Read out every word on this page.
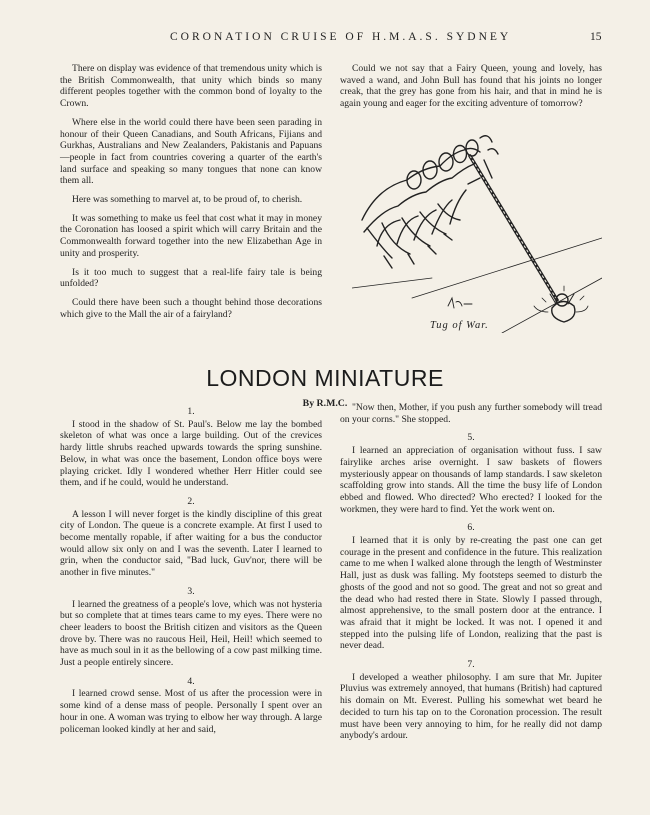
CORONATION CRUISE OF H.M.A.S. SYDNEY	15

There on display was evidence of that tremendous unity which is the British Commonwealth, that unity which binds so many different peoples together with the common bond of loyalty to the Crown.

Where else in the world could there have been seen parading in honour of their Queen Canadians, and South Africans, Fijians and Gurkhas, Australians and New Zealanders, Pakistanis and Papuans —people in fact from countries covering a quarter of the earth's land surface and speaking so many tongues that none can know them all.

Here was something to marvel at, to be proud of, to cherish.

It was something to make us feel that cost what it may in money the Coronation has loosed a spirit which will carry Britain and the Commonwealth forward together into the new Elizabethan Age in unity and prosperity.

Is it too much to suggest that a real-life fairy tale is being unfolded?

Could there have been such a thought behind those decorations which give to the Mall the air of a fairyland?

Could we not say that a Fairy Queen, young and lovely, has waved a wand, and John Bull has found that his joints no longer creak, that the grey has gone from his hair, and that in mind he is again young and eager for the exciting adventure of tomorrow?

Tug of War.
LONDON MINIATURE
By R.M.C.
1.

I stood in the shadow of St. Paul's. Below me lay the bombed skeleton of what was once a large building. Out of the crevices hardy little shrubs reached upwards towards the spring sunshine. Below, in what was once the basement, London office boys were playing cricket. Idly I wondered whether Herr Hitler could see them, and if he could, would he understand.

2.

A lesson I will never forget is the kindly discipline of this great city of London. The queue is a concrete example. At first I used to become mentally ropable, if after waiting for a bus the conductor would allow six only on and I was the seventh. Later I learned to grin, when the conductor said, "Bad luck, Guv'nor, there will be another in five minutes."

3.

I learned the greatness of a people's love, which was not hysteria but so complete that at times tears came to my eyes. There were no cheer leaders to boost the British citizen and visitors as the Queen drove by. There was no raucous Heil, Heil, Heil! which seemed to have as much soul in it as the bellowing of a cow past milking time. Just a people entirely sincere.

4.

I learned crowd sense. Most of us after the procession were in some kind of a dense mass of people. Personally I spent over an hour in one. A woman was trying to elbow her way through. A large policeman looked kindly at her and said,

"Now then, Mother, if you push any further somebody will tread on your corns." She stopped.

5.

I learned an appreciation of organisation without fuss. I saw fairylike arches arise overnight. I saw baskets of flowers mysteriously appear on thousands of lamp standards. I saw skeleton scaffolding grow into stands. All the time the busy life of London ebbed and flowed. Who directed? Who erected? I looked for the workmen, they were hard to find. Yet the work went on.

6.

I learned that it is only by re-creating the past one can get courage in the present and confidence in the future. This realization came to me when I walked alone through the length of Westminster Hall, just as dusk was falling. My footsteps seemed to disturb the ghosts of the good and not so good. The great and not so great and the dead who had rested there in State. Slowly I passed through, almost apprehensive, to the small postern door at the entrance. I was afraid that it might be locked. It was not. I opened it and stepped into the pulsing life of London, realizing that the past is never dead.

7.

I developed a weather philosophy. I am sure that Mr. Jupiter Pluvius was extremely annoyed, that humans (British) had captured his domain on Mt. Everest. Pulling his somewhat wet beard he decided to turn his tap on to the Coronation procession. The result must have been very annoying to him, for he really did not damp anybody's ardour.
